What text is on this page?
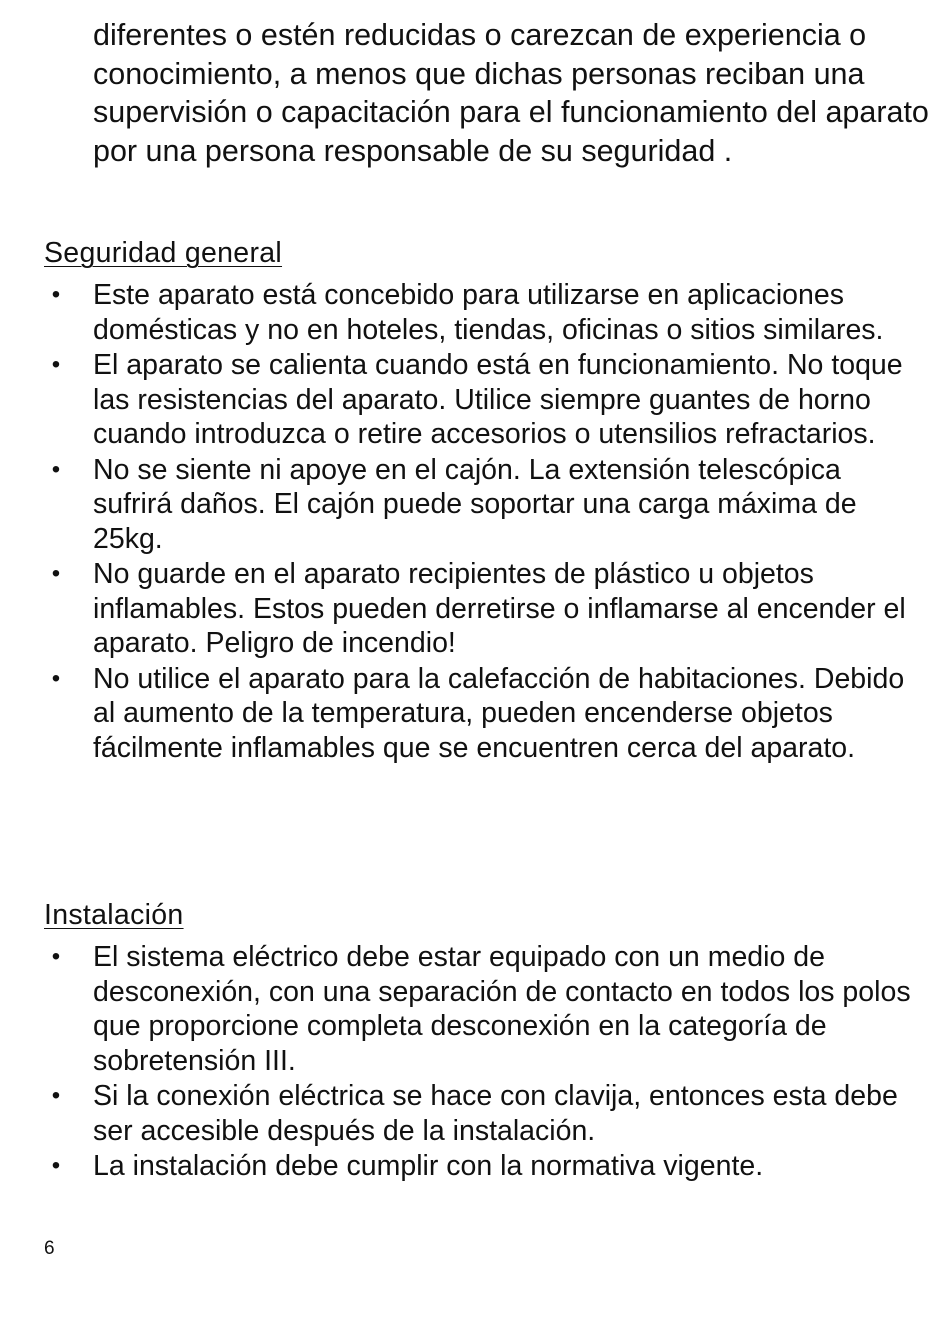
diferentes o estén reducidas o carezcan de experiencia o conocimiento, a menos que dichas personas reciban una supervisión o capacitación para el funcionamiento del aparato por una persona responsable de su seguridad .

Seguridad general
• Este aparato está concebido para utilizarse en aplicaciones domésticas y no en hoteles, tiendas, oficinas o sitios similares.
• El aparato se calienta cuando está en funcionamiento. No toque las resistencias del aparato. Utilice siempre guantes de horno cuando introduzca o retire accesorios o utensilios refractarios.
• No se siente ni apoye en el cajón. La extensión telescópica sufrirá daños. El cajón puede soportar una carga máxima de 25kg.
• No guarde en el aparato recipientes de plástico u objetos inflamables. Estos pueden derretirse o inflamarse al encender el aparato. Peligro de incendio!
• No utilice el aparato para la calefacción de habitaciones. Debido al aumento de la temperatura, pueden encenderse objetos fácilmente inflamables que se encuentren cerca del aparato.
Instalación
• El sistema eléctrico debe estar equipado con un medio de desconexión, con una separación de contacto en todos los polos que proporcione completa desconexión en la categoría de sobretensión III.
• Si la conexión eléctrica se hace con clavija, entonces esta debe ser accesible después de la instalación.
• La instalación debe cumplir con la normativa vigente.
6
